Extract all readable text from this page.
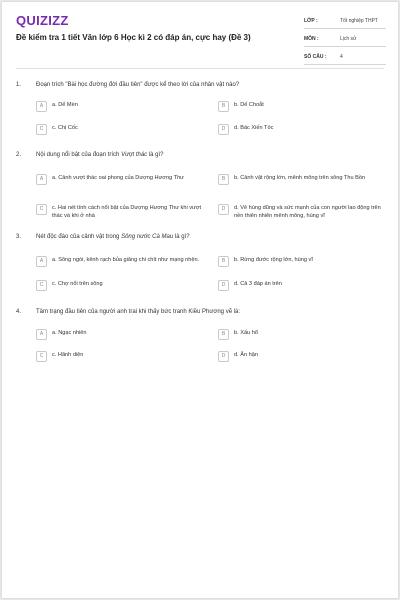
QUIZIZZ
Đề kiểm tra 1 tiết Văn lớp 6 Học kì 2 có đáp án, cực hay (Đề 3)
LỚP :	Tốt nghiệp THPT
MÔN :	Lịch sử
SỐ CÂU :	4
1. Đoạn trích "Bài học đường đời đầu tiên" được kể theo lời của nhân vật nào?
A	a. Dế Mèn	B	b. Dế Choắt
C	c. Chị Cốc	D	d. Bác Xiến Tóc
2. Nội dung nổi bật của đoạn trích Vượt thác là gì?
A	a. Cảnh vượt thác oai phong của Dượng Hương Thư	B	b. Cảnh vật rộng lớn, mênh mông trên sông Thu Bồn
C	c. Hai nét tính cách nổi bật của Dượng Hương Thư khi vượt thác và khi ở nhà
D	d. Vẻ hùng dũng và sức mạnh của con người lao động trên nền thiên nhiên mênh mông, hùng vĩ
3. Nét độc đáo của cảnh vật trong Sông nước Cà Mau là gì?
A	a. Sông ngòi, kênh rạch bủa giăng chi chít như mạng nhện.	B	b. Rừng đước rộng lớn, hùng vĩ
C	c. Chợ nổi trên sông	D	d. Cả 3 đáp án trên
4. Tâm trạng đầu tiên của người anh trai khi thấy bức tranh Kiều Phương vẽ là:
A	a. Ngạc nhiên	B	b. Xấu hổ
C	c. Hãnh diện	D	d. Ân hận
